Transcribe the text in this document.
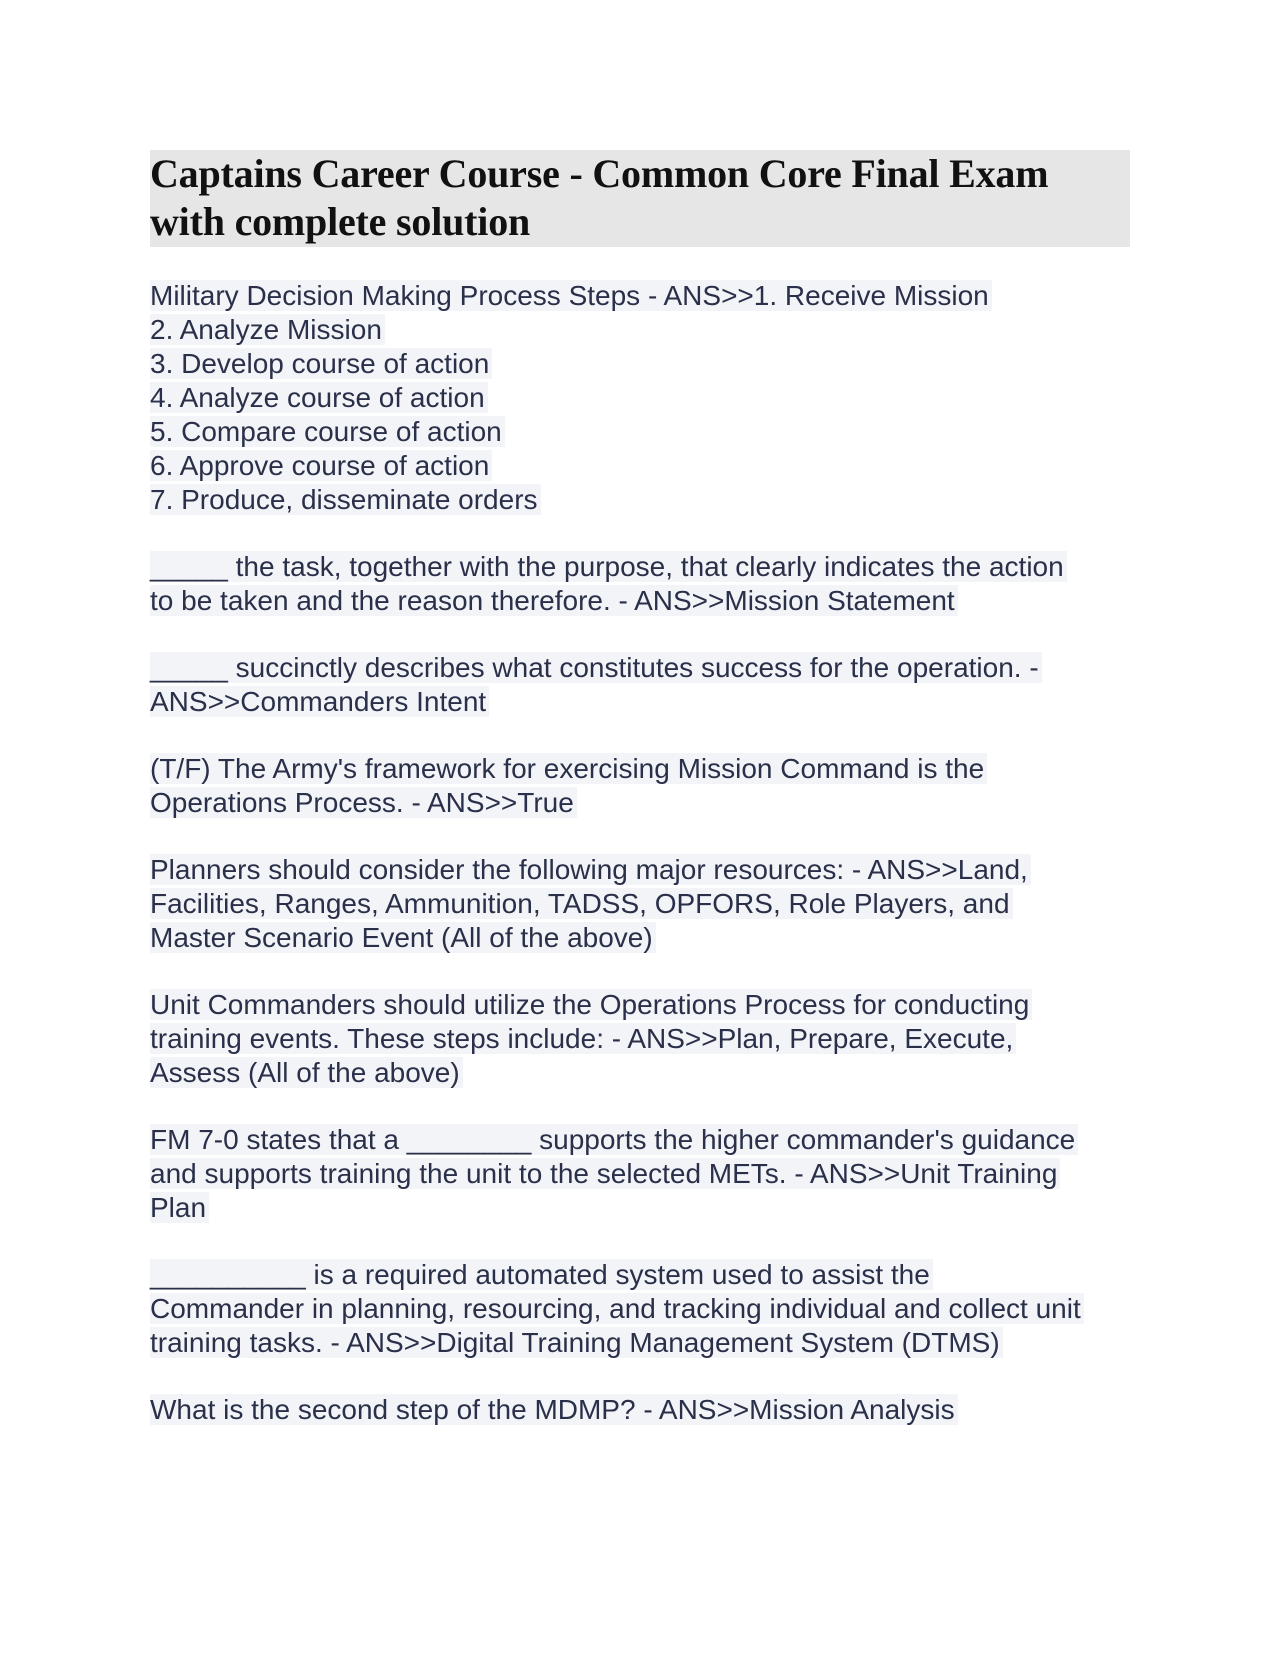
Captains Career Course - Common Core Final Exam
with complete solution
Military Decision Making Process Steps - ANS>>1. Receive Mission
2. Analyze Mission
3. Develop course of action
4. Analyze course of action
5. Compare course of action
6. Approve course of action
7. Produce, disseminate orders
_____ the task, together with the purpose, that clearly indicates the action
to be taken and the reason therefore. - ANS>>Mission Statement
_____ succinctly describes what constitutes success for the operation. -
ANS>>Commanders Intent
(T/F) The Army's framework for exercising Mission Command is the
Operations Process. - ANS>>True
Planners should consider the following major resources: - ANS>>Land,
Facilities, Ranges, Ammunition, TADSS, OPFORS, Role Players, and
Master Scenario Event (All of the above)
Unit Commanders should utilize the Operations Process for conducting
training events. These steps include: - ANS>>Plan, Prepare, Execute,
Assess (All of the above)
FM 7-0 states that a ________ supports the higher commander's guidance
and supports training the unit to the selected METs. - ANS>>Unit Training
Plan
__________ is a required automated system used to assist the
Commander in planning, resourcing, and tracking individual and collect unit
training tasks. - ANS>>Digital Training Management System (DTMS)
What is the second step of the MDMP? - ANS>>Mission Analysis
